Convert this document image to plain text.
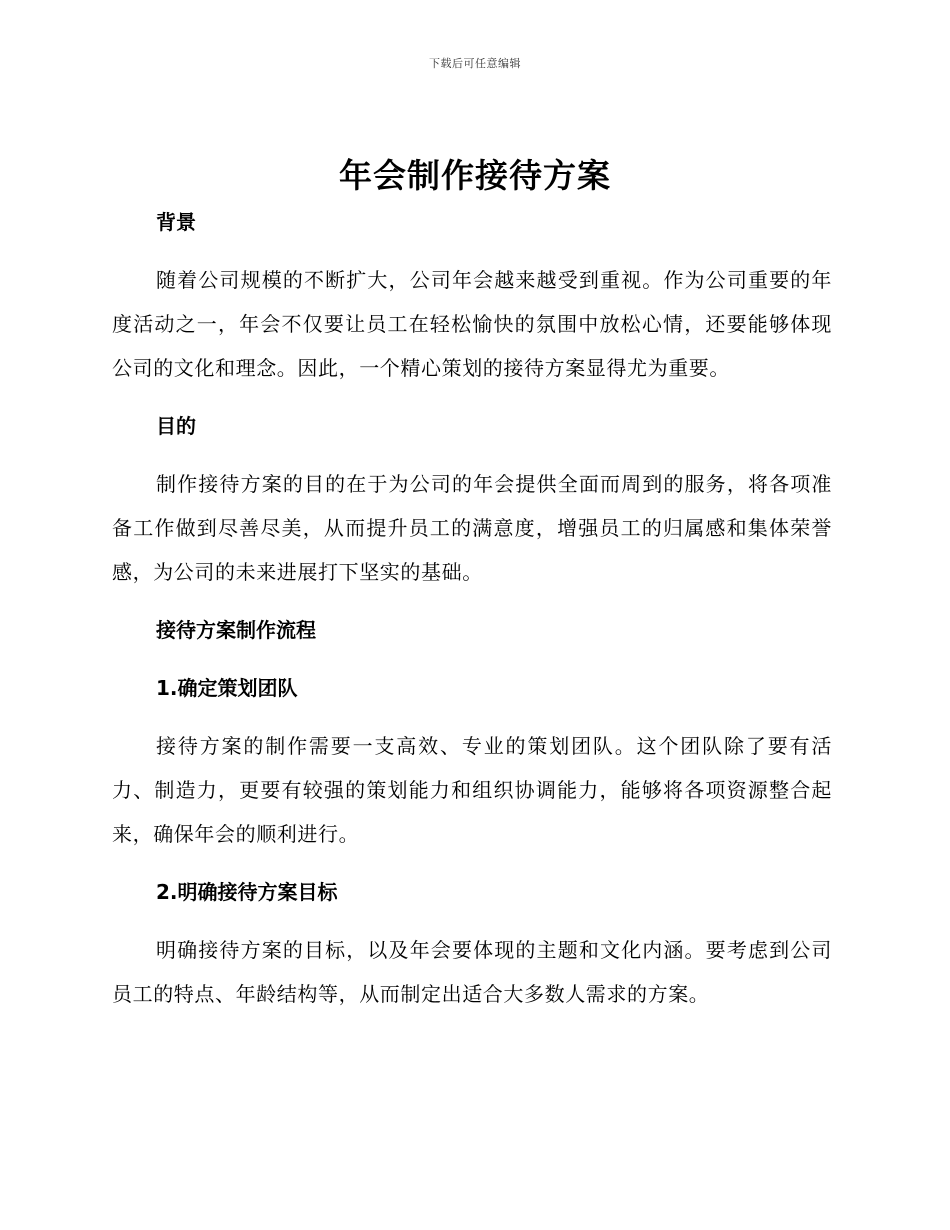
下载后可任意编辑
年会制作接待方案

背景

随着公司规模的不断扩大，公司年会越来越受到重视。作为公司重要的年度活动之一，年会不仅要让员工在轻松愉快的氛围中放松心情，还要能够体现公司的文化和理念。因此，一个精心策划的接待方案显得尤为重要。

目的

制作接待方案的目的在于为公司的年会提供全面而周到的服务，将各项准备工作做到尽善尽美，从而提升员工的满意度，增强员工的归属感和集体荣誉感，为公司的未来进展打下坚实的基础。

接待方案制作流程

1.确定策划团队

接待方案的制作需要一支高效、专业的策划团队。这个团队除了要有活力、制造力，更要有较强的策划能力和组织协调能力，能够将各项资源整合起来，确保年会的顺利进行。

2.明确接待方案目标

明确接待方案的目标，以及年会要体现的主题和文化内涵。要考虑到公司员工的特点、年龄结构等，从而制定出适合大多数人需求的方案。
